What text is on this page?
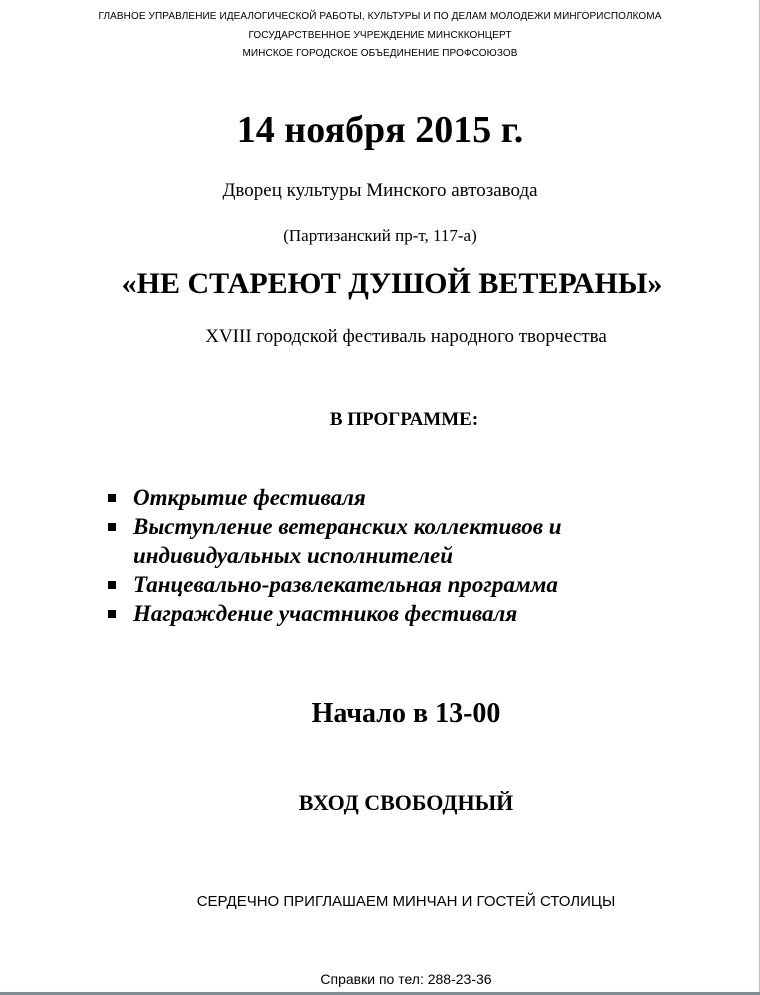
ГЛАВНОЕ УПРАВЛЕНИЕ ИДЕАЛОГИЧЕСКОЙ РАБОТЫ, КУЛЬТУРЫ И ПО ДЕЛАМ МОЛОДЕЖИ МИНГОРИСПОЛКОМА
ГОСУДАРСТВЕННОЕ УЧРЕЖДЕНИЕ МИНСККОНЦЕРТ
МИНСКОЕ ГОРОДСКОЕ ОБЪЕДИНЕНИЕ ПРОФСОЮЗОВ
14 ноября 2015 г.
Дворец культуры Минского автозавода
(Партизанский пр-т, 117-а)
«НЕ СТАРЕЮТ ДУШОЙ ВЕТЕРАНЫ»
XVIII городской фестиваль народного творчества
В ПРОГРАММЕ:
Открытие фестиваля
Выступление ветеранских коллективов и
индивидуальных исполнителей
Танцевально-развлекательная программа
Награждение участников фестиваля
Начало в 13-00
ВХОД СВОБОДНЫЙ
СЕРДЕЧНО ПРИГЛАШАЕМ МИНЧАН И ГОСТЕЙ СТОЛИЦЫ
Справки по тел: 288-23-36
